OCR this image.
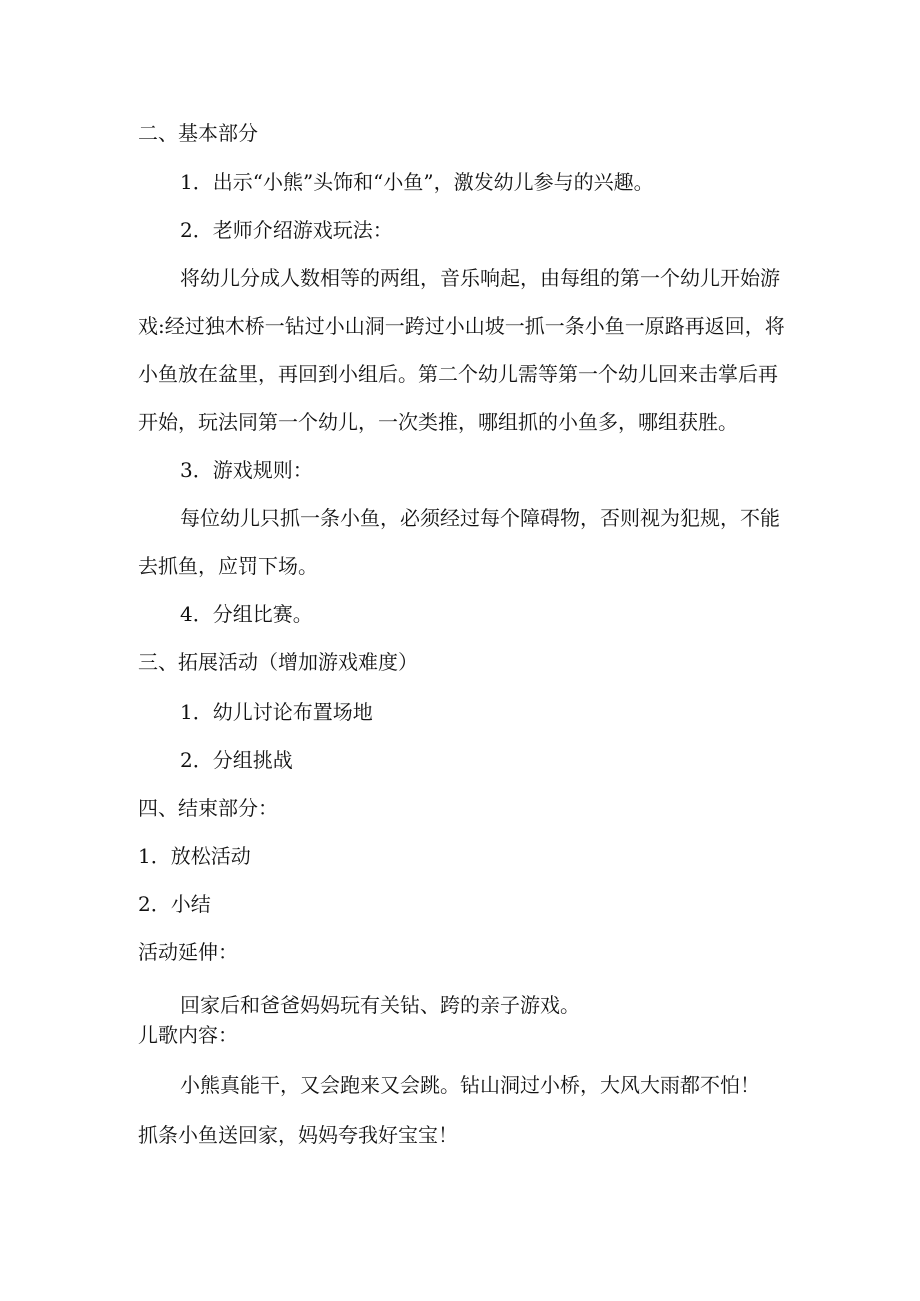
二、基本部分

1．出示“小熊”头饰和“小鱼”，激发幼儿参与的兴趣。

2．老师介绍游戏玩法：

将幼儿分成人数相等的两组，音乐响起，由每组的第一个幼儿开始游

戏:经过独木桥一钻过小山洞一跨过小山坡一抓一条小鱼一原路再返回，将

小鱼放在盆里，再回到小组后。第二个幼儿需等第一个幼儿回来击掌后再

开始，玩法同第一个幼儿，一次类推，哪组抓的小鱼多，哪组获胜。

3．游戏规则：

每位幼儿只抓一条小鱼，必须经过每个障碍物，否则视为犯规，不能

去抓鱼，应罚下场。

4．分组比赛。

三、拓展活动（增加游戏难度）

1．幼儿讨论布置场地

2．分组挑战

四、结束部分：

1．放松活动

2．小结

活动延伸：

回家后和爸爸妈妈玩有关钻、跨的亲子游戏。

儿歌内容：

小熊真能干，又会跑来又会跳。钻山洞过小桥，大风大雨都不怕！

抓条小鱼送回家，妈妈夸我好宝宝！
